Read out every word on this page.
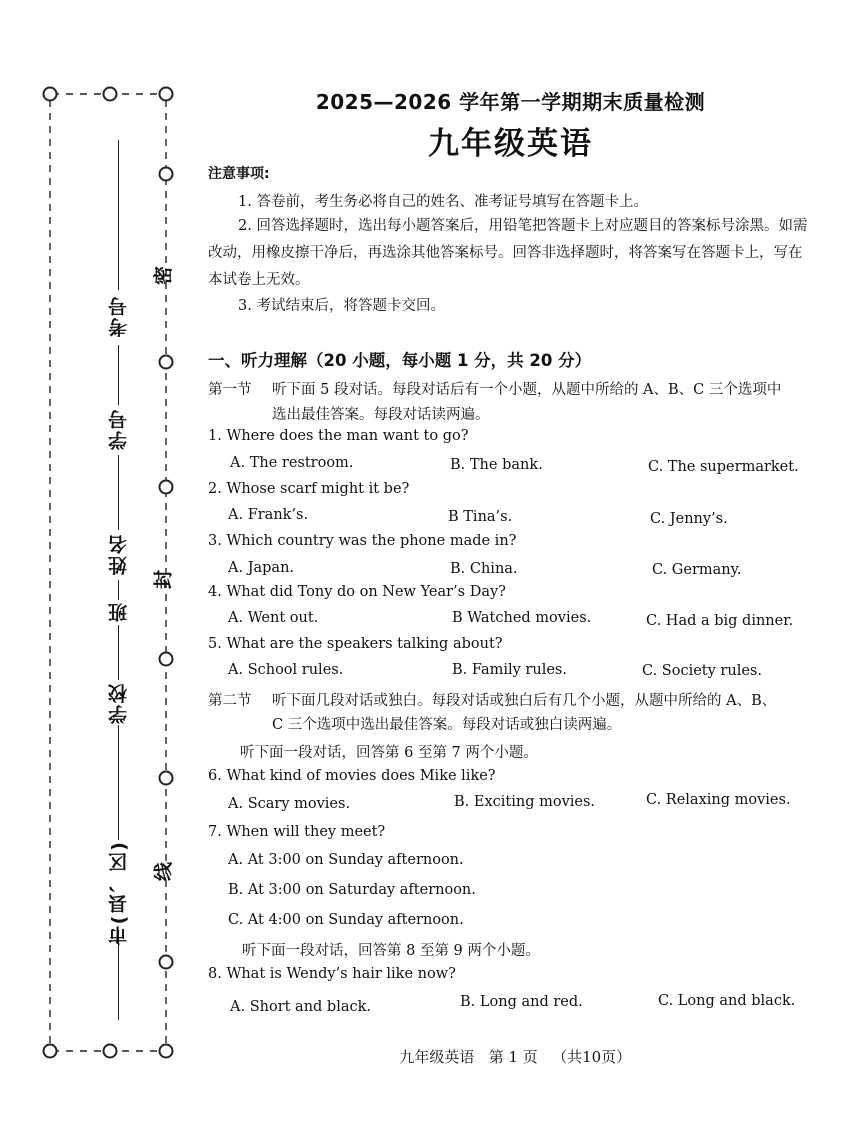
考号
学号
姓名
班
学校
市(县、区)
密
封
线
2025—2026 学年第一学期期末质量检测
九年级英语
注意事项:
1. 答卷前，考生务必将自己的姓名、准考证号填写在答题卡上。
2. 回答选择题时，选出每小题答案后，用铅笔把答题卡上对应题目的答案标号涂黑。如需改动，用橡皮擦干净后，再选涂其他答案标号。回答非选择题时，将答案写在答题卡上，写在本试卷上无效。
3. 考试结束后，将答题卡交回。
一、听力理解（20 小题，每小题 1 分，共 20 分）
第一节 听下面 5 段对话。每段对话后有一个小题，从题中所给的 A、B、C 三个选项中
选出最佳答案。每段对话读两遍。
1. Where does the man want to go?
A. The restroom.	B. The bank.	C. The supermarket.
2. Whose scarf might it be?
A. Frank’s.	B Tina’s.	C. Jenny’s.
3. Which country was the phone made in?
A. Japan.	B. China.	C. Germany.
4. What did Tony do on New Year’s Day?
A. Went out.	B Watched movies.	C. Had a big dinner.
5. What are the speakers talking about?
A. School rules.	B. Family rules.	C. Society rules.
第二节 听下面几段对话或独白。每段对话或独白后有几个小题，从题中所给的 A、B、
C 三个选项中选出最佳答案。每段对话或独白读两遍。
听下面一段对话，回答第 6 至第 7 两个小题。
6. What kind of movies does Mike like?
A. Scary movies.	B. Exciting movies.	C. Relaxing movies.
7. When will they meet?
A. At 3:00 on Sunday afternoon.
B. At 3:00 on Saturday afternoon.
C. At 4:00 on Sunday afternoon.
听下面一段对话，回答第 8 至第 9 两个小题。
8. What is Wendy’s hair like now?
A. Short and black.	B. Long and red.	C. Long and black.

九年级英语 第 1 页 （共10页）
